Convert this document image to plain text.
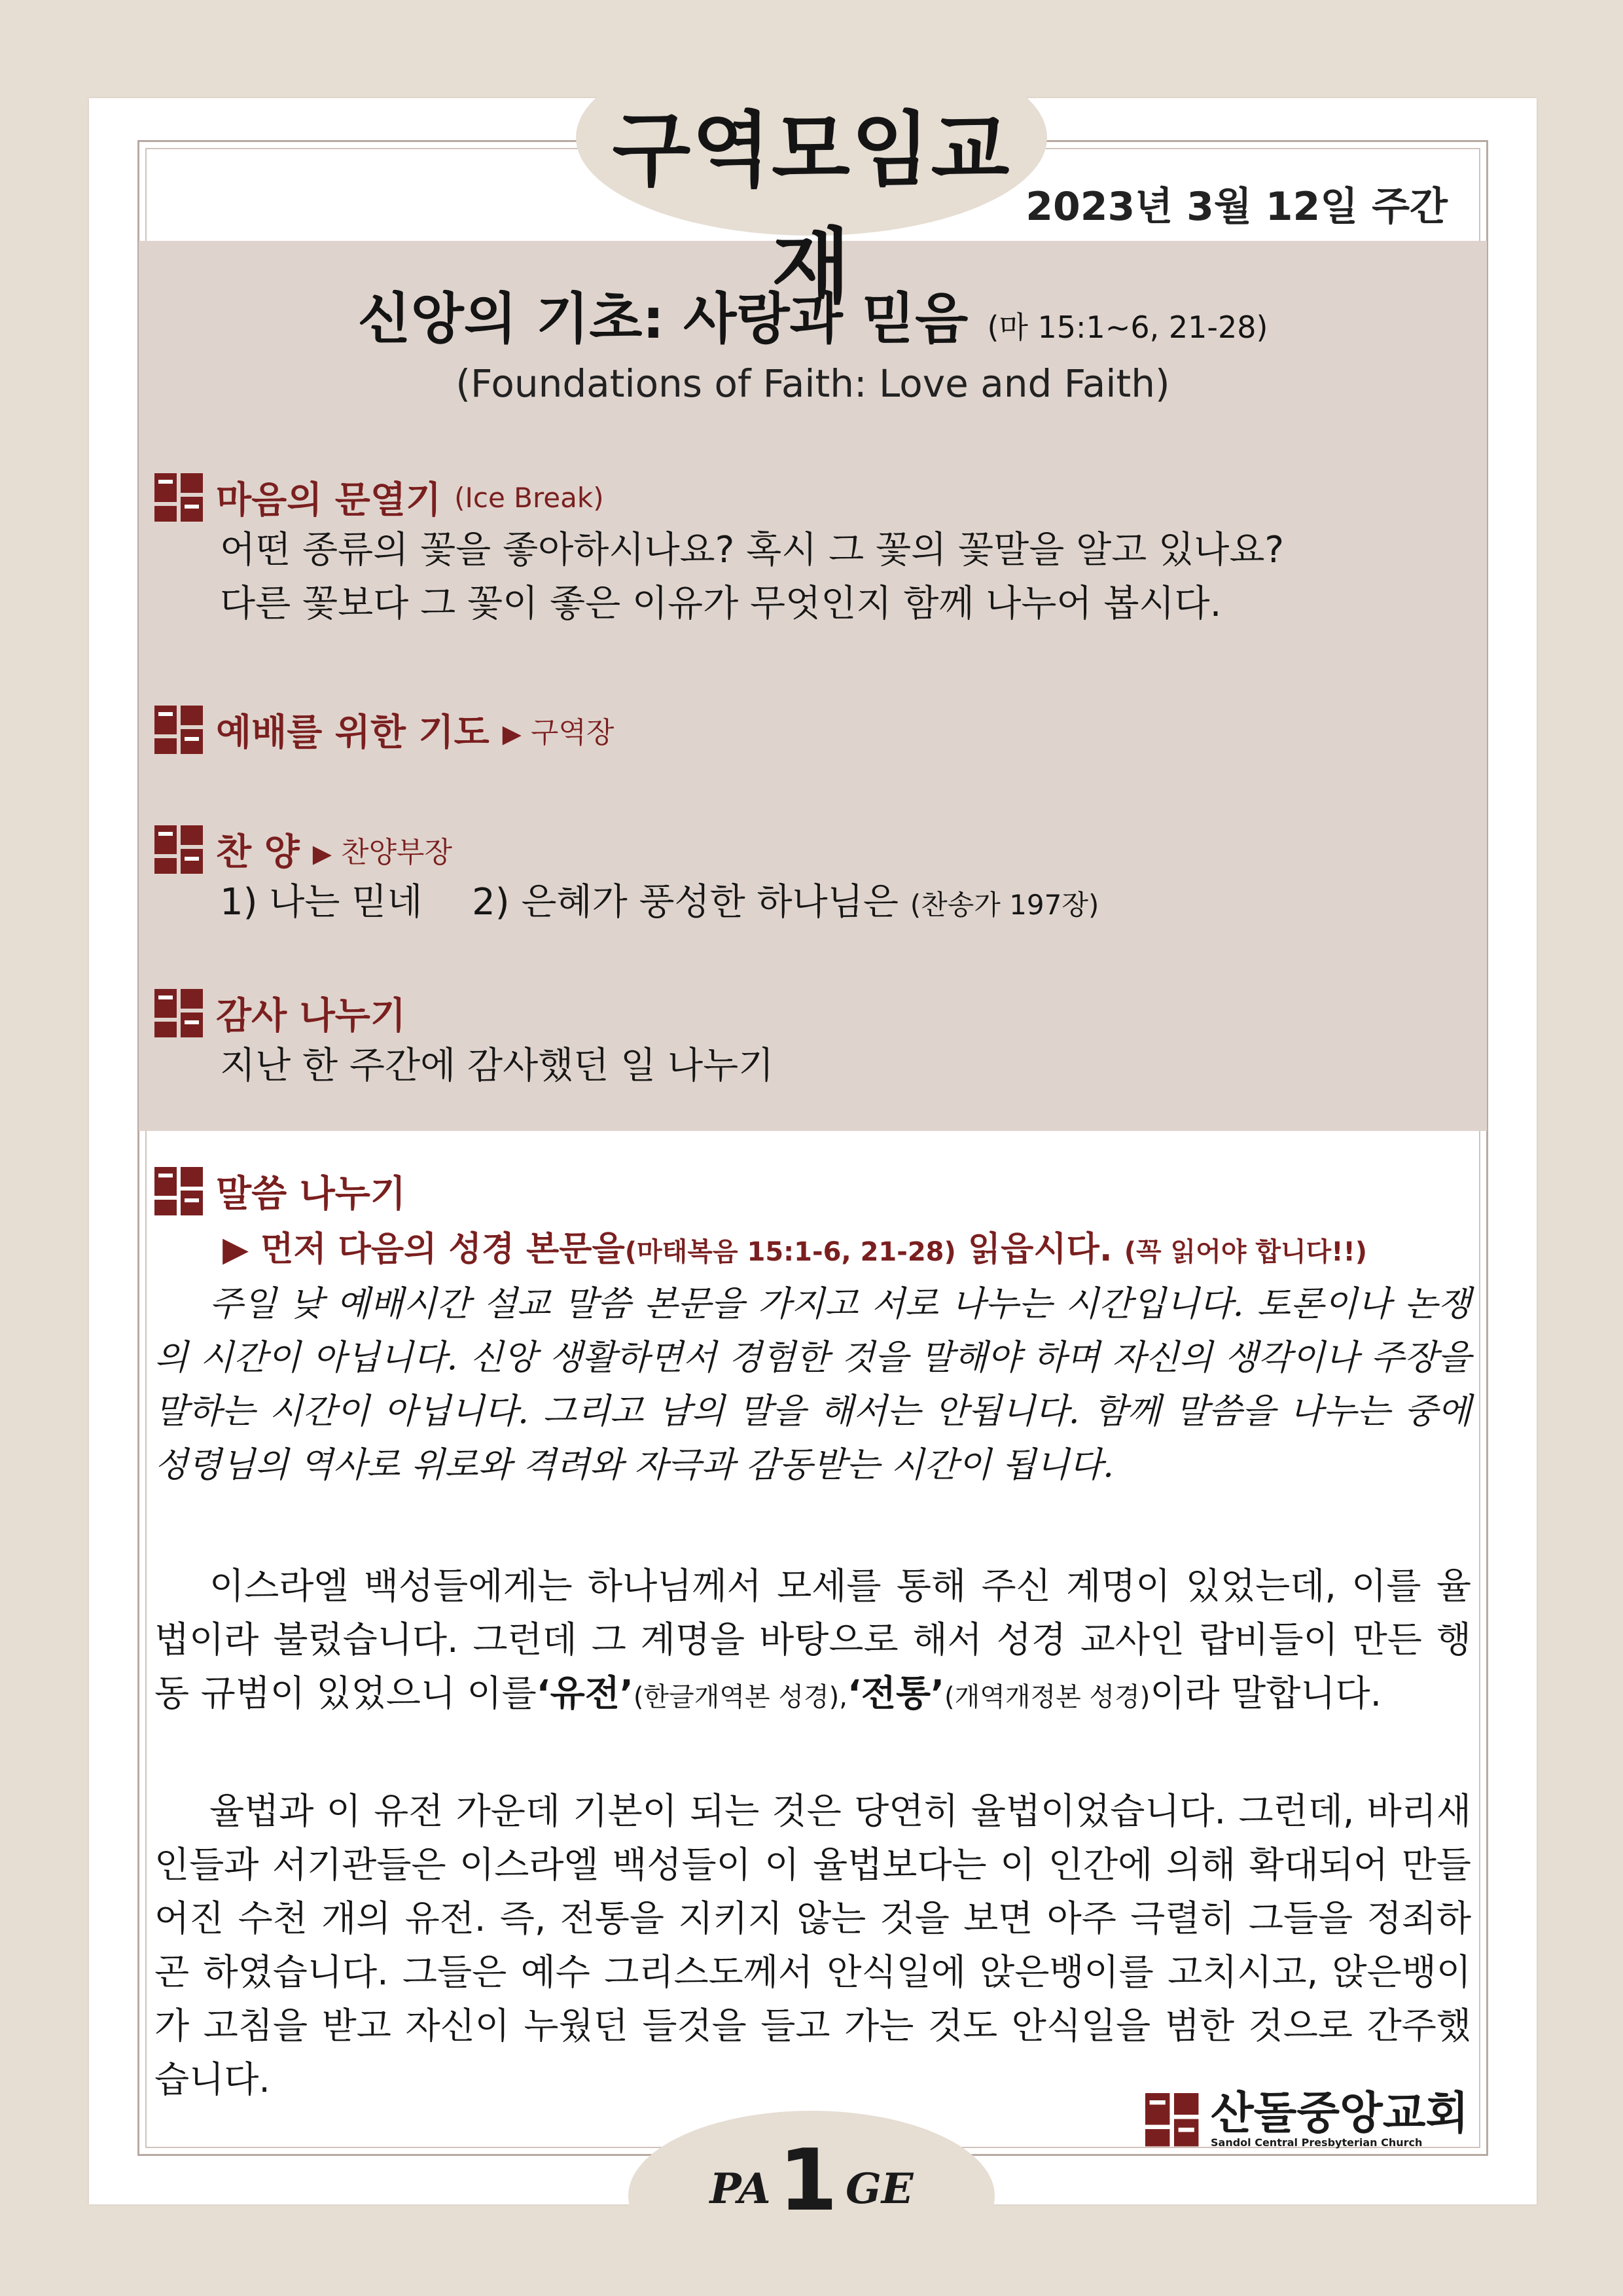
구역모임교재
2023년 3월 12일 주간
신앙의 기초: 사랑과 믿음 (마 15:1~6, 21-28)
(Foundations of Faith: Love and Faith)
마음의 문열기 (Ice Break)
어떤 종류의 꽃을 좋아하시나요? 혹시 그 꽃의 꽃말을 알고 있나요?
다른 꽃보다 그 꽃이 좋은 이유가 무엇인지 함께 나누어 봅시다.
예배를 위한 기도 ▶ 구역장
찬 양 ▶ 찬양부장
1) 나는 믿네 2) 은혜가 풍성한 하나님은 (찬송가 197장)
감사 나누기
지난 한 주간에 감사했던 일 나누기
말씀 나누기
▶ 먼저 다음의 성경 본문을(마태복음 15:1-6, 21-28) 읽읍시다. (꼭 읽어야 합니다!!)
주일 낮 예배시간 설교 말씀 본문을 가지고 서로 나누는 시간입니다. 토론이나 논쟁의 시간이 아닙니다. 신앙 생활하면서 경험한 것을 말해야 하며 자신의 생각이나 주장을 말하는 시간이 아닙니다. 그리고 남의 말을 해서는 안됩니다. 함께 말씀을 나누는 중에 성령님의 역사로 위로와 격려와 자극과 감동받는 시간이 됩니다.
이스라엘 백성들에게는 하나님께서 모세를 통해 주신 계명이 있었는데, 이를 율법이라 불렀습니다. 그런데 그 계명을 바탕으로 해서 성경 교사인 랍비들이 만든 행동 규범이 있었으니 이를‘유전’(한글개역본 성경),‘전통’(개역개정본 성경)이라 말합니다.
율법과 이 유전 가운데 기본이 되는 것은 당연히 율법이었습니다. 그런데, 바리새인들과 서기관들은 이스라엘 백성들이 이 율법보다는 이 인간에 의해 확대되어 만들어진 수천 개의 유전. 즉, 전통을 지키지 않는 것을 보면 아주 극렬히 그들을 정죄하곤 하였습니다. 그들은 예수 그리스도께서 안식일에 앉은뱅이를 고치시고, 앉은뱅이가 고침을 받고 자신이 누웠던 들것을 들고 가는 것도 안식일을 범한 것으로 간주했습니다.
산돌중앙교회
Sandol Central Presbyterian Church
PA1 GE
